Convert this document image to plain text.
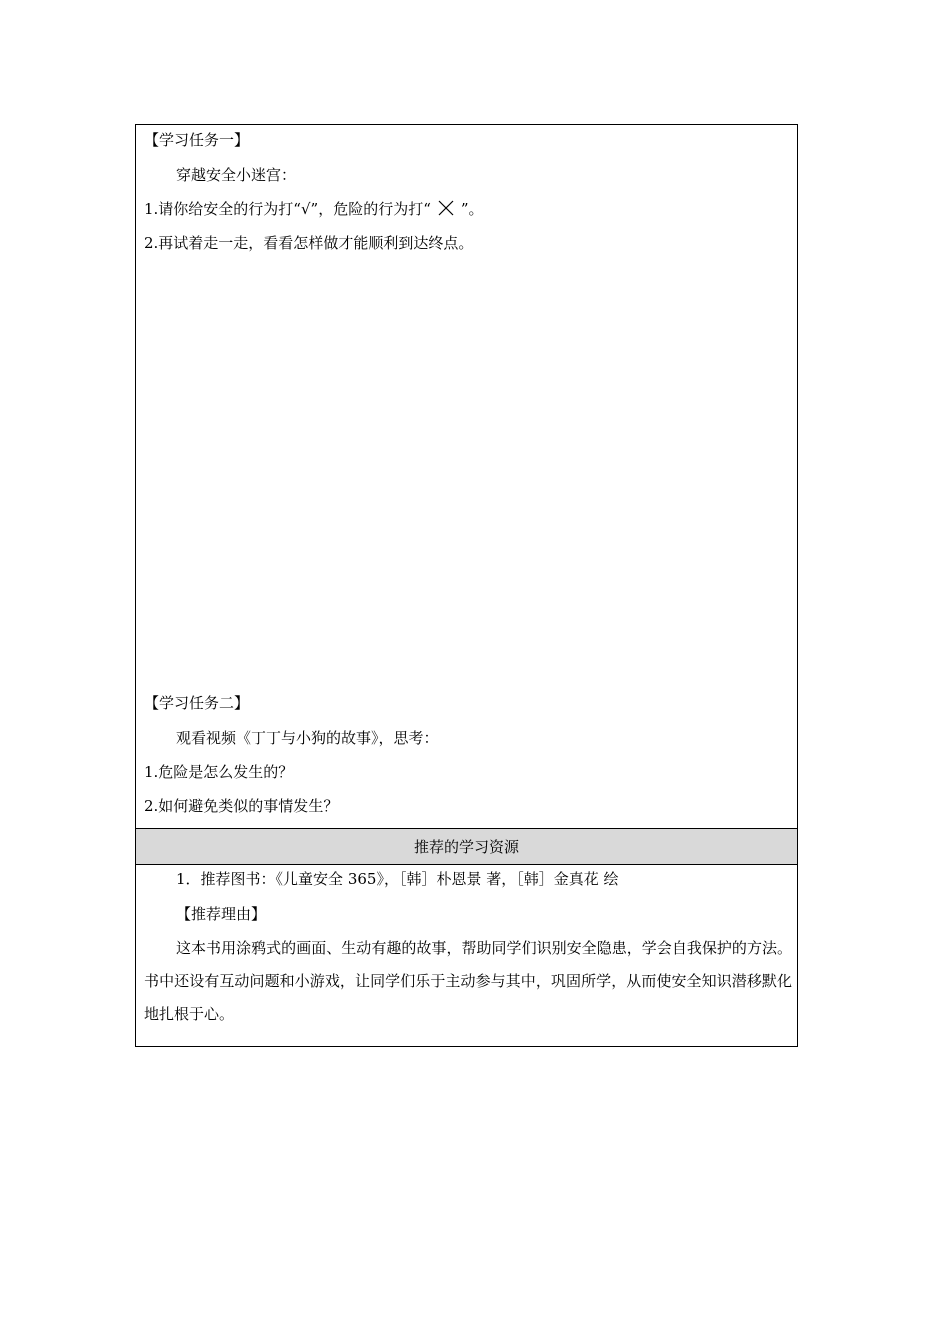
【学习任务一】
穿越安全小迷宫：
1.请你给安全的行为打“√”，危险的行为打“ ”。
2.再试着走一走，看看怎样做才能顺利到达终点。
【学习任务二】
观看视频《丁丁与小狗的故事》，思考：
1.危险是怎么发生的？
2.如何避免类似的事情发生？
推荐的学习资源
1．推荐图书：《儿童安全 365》，［韩］朴恩景 著，［韩］金真花 绘
【推荐理由】
这本书用涂鸦式的画面、生动有趣的故事，帮助同学们识别安全隐患，学会自我保护的方法。书中还设有互动问题和小游戏，让同学们乐于主动参与其中，巩固所学，从而使安全知识潜移默化地扎根于心。
